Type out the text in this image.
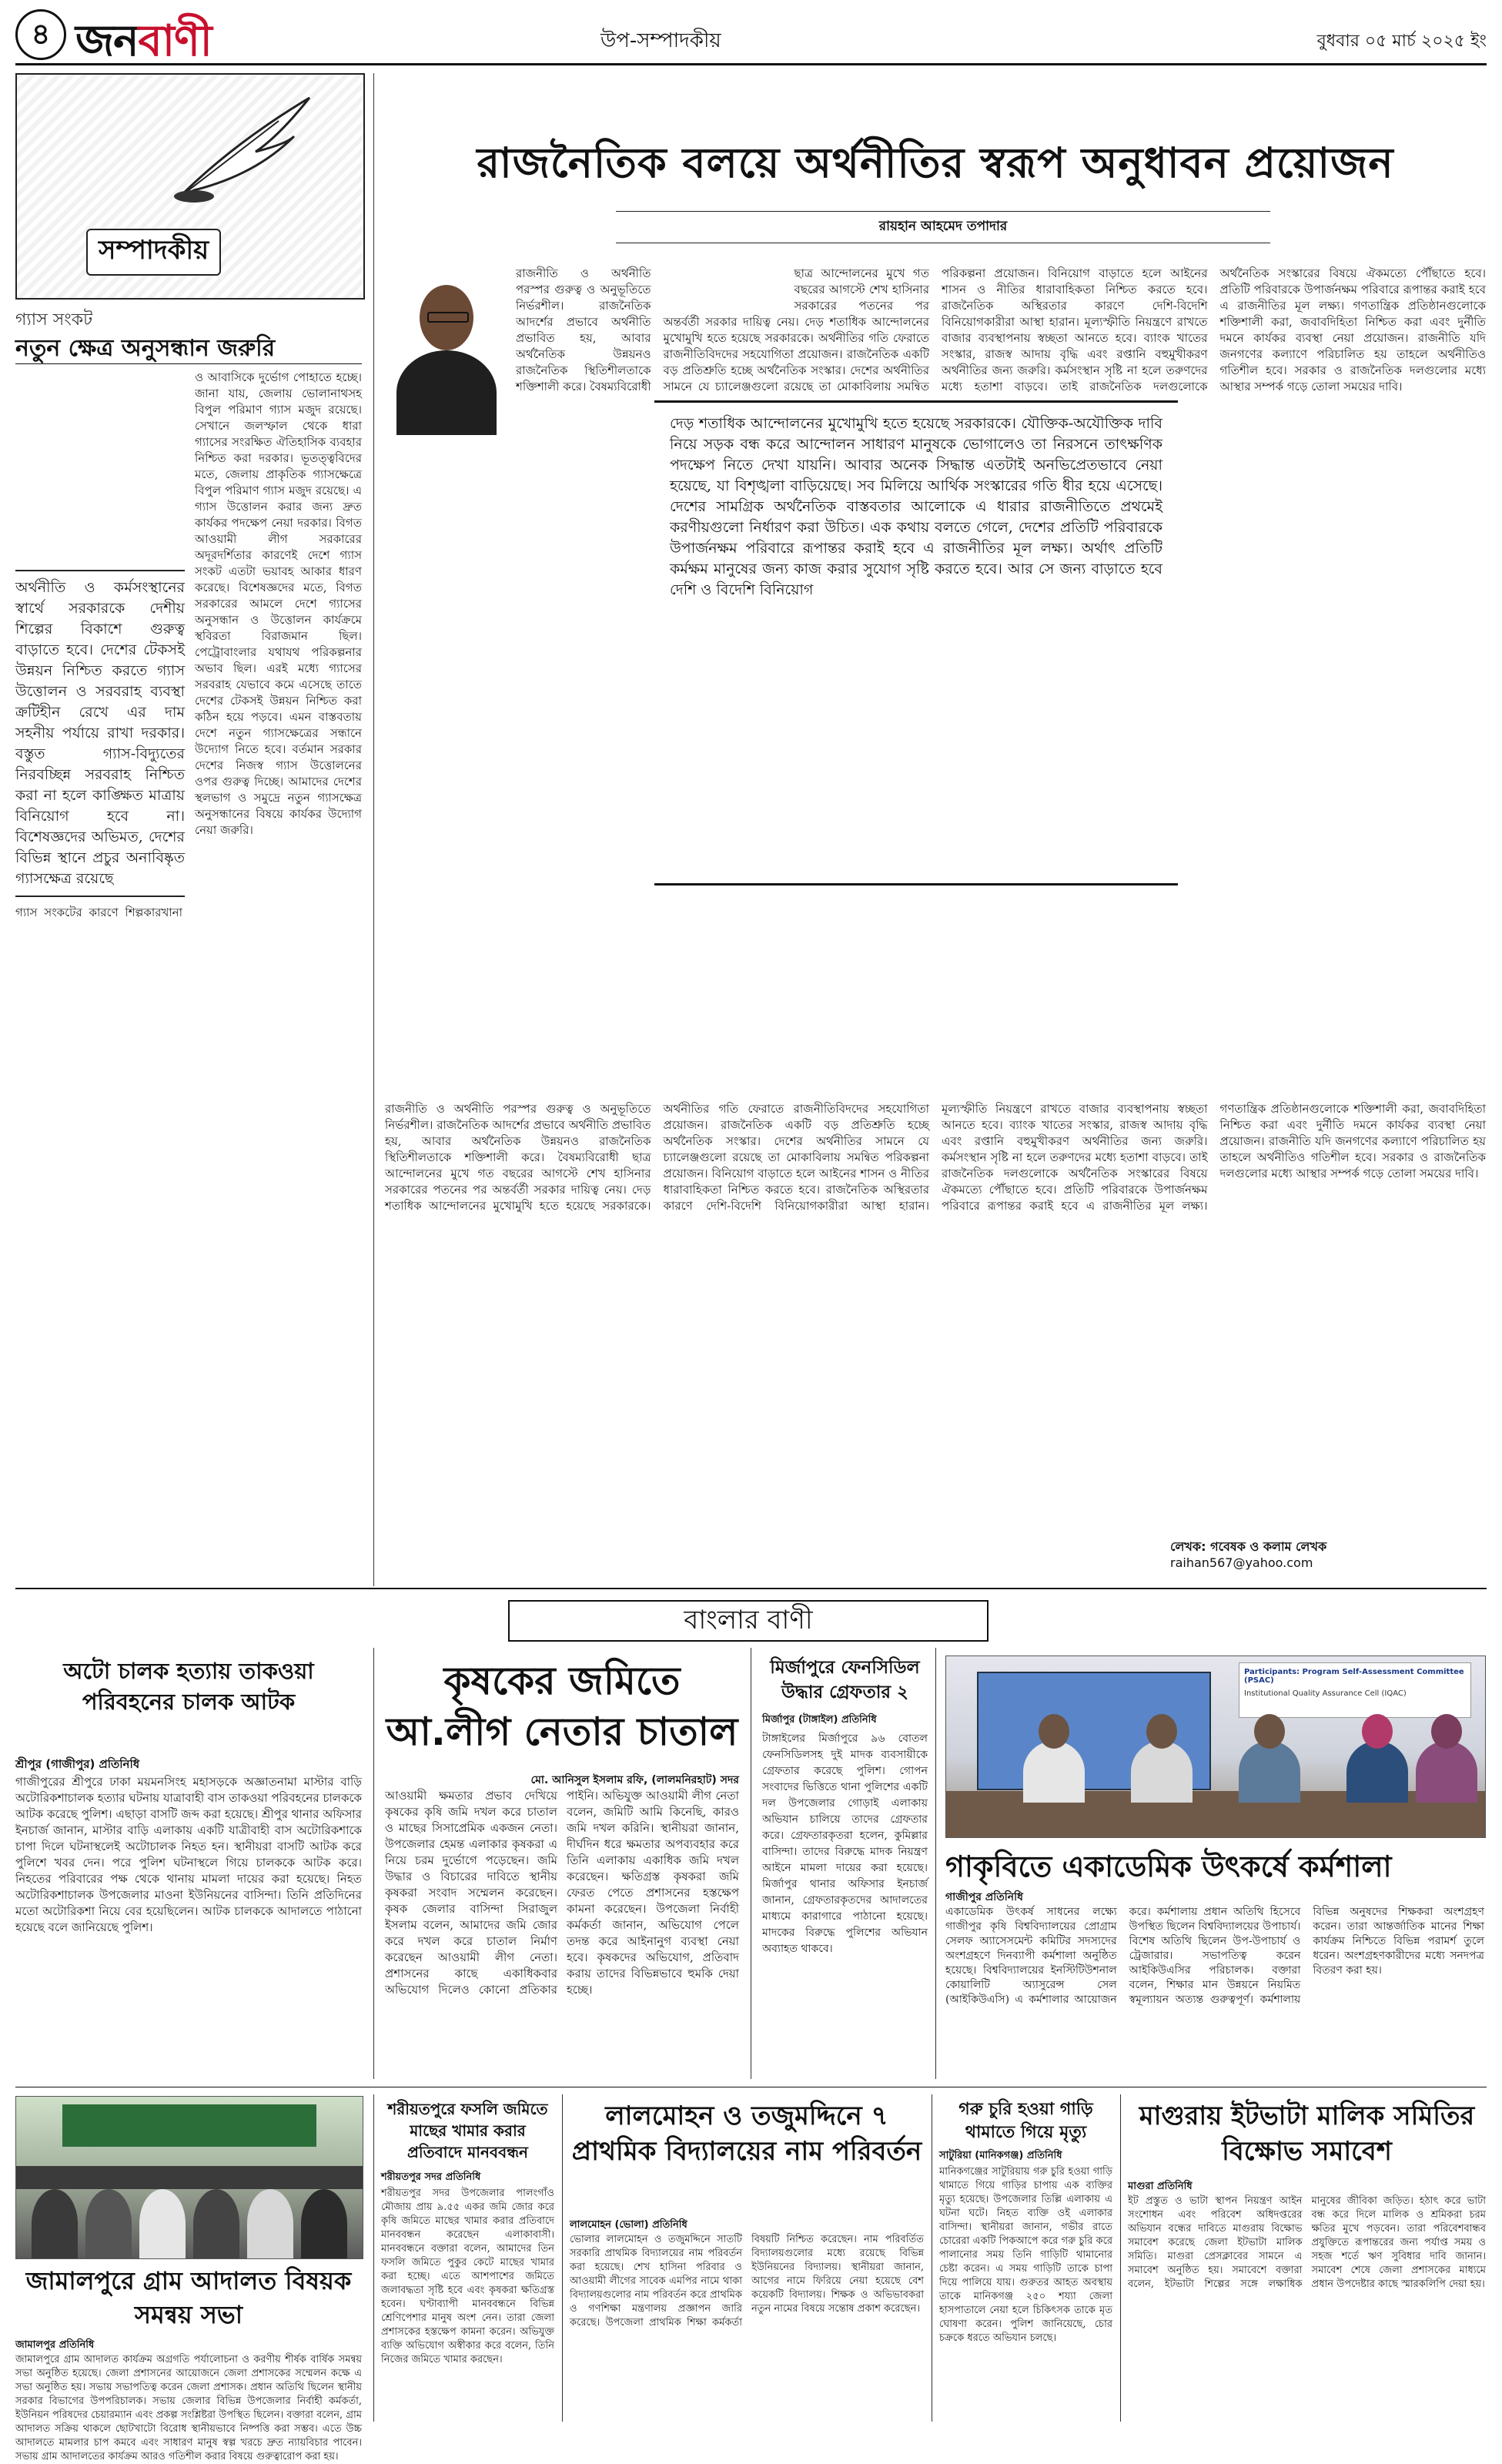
৪ জনবাণী	উপ-সম্পাদকীয়	বুধবার ০৫ মার্চ ২০২৫ ইং
সম্পাদকীয়
গ্যাস সংকট
নতুন ক্ষেত্র অনুসন্ধান জরুরি
অর্থনীতি ও কর্মসংস্থানের স্বার্থে সরকারকে দেশীয় শিল্পের বিকাশে গুরুত্ব বাড়াতে হবে। দেশের টেকসই উন্নয়ন নিশ্চিত করতে গ্যাস উত্তোলন ও সরবরাহ ব্যবস্থা ক্রটিহীন রেখে এর দাম সহনীয় পর্যায়ে রাখা দরকার। বস্তুত গ্যাস-বিদ্যুতের নিরবচ্ছিন্ন সরবরাহ নিশ্চিত করা না হলে কাঙ্ক্ষিত মাত্রায় বিনিয়োগ হবে না। বিশেষজ্ঞদের অভিমত, দেশের বিভিন্ন স্থানে প্রচুর অনাবিষ্কৃত গ্যাসক্ষেত্র রয়েছে
গ্যাস সংকটের কারণে শিল্পকারখানা ও আবাসিকে দুর্ভোগ পোহাতে হচ্ছে। জানা যায়, জেলায় ভোলানাথসহ বিপুল পরিমাণ গ্যাস মজুদ রয়েছে। সেখানে জলস্ফাল থেকে ধারা গ্যাসের সংরক্ষিত ঐতিহাসিক ব্যবহার নিশ্চিত করা দরকার। ভূতত্ত্ববিদের মতে, জেলায় প্রাকৃতিক গ্যাসক্ষেত্রে বিপুল পরিমাণ গ্যাস মজুদ রয়েছে। এ গ্যাস উত্তোলন করার জন্য দ্রুত কার্যকর পদক্ষেপ নেয়া দরকার। বিগত আওয়ামী লীগ সরকারের অদূরদর্শিতার কারণেই দেশে গ্যাস সংকট এতটা ভয়াবহ আকার ধারণ করেছে। বিশেষজ্ঞদের মতে, বিগত সরকারের আমলে দেশে গ্যাসের অনুসন্ধান ও উত্তোলন কার্যক্রমে স্থবিরতা বিরাজমান ছিল। পেট্রোবাংলার যথাযথ পরিকল্পনার অভাব ছিল। এরই মধ্যে গ্যাসের সরবরাহ যেভাবে কমে এসেছে তাতে দেশের টেকসই উন্নয়ন নিশ্চিত করা কঠিন হয়ে পড়বে। এমন বাস্তবতায় দেশে নতুন গ্যাসক্ষেত্রের সন্ধানে উদ্যোগ নিতে হবে। বর্তমান সরকার দেশের নিজস্ব গ্যাস উত্তোলনের ওপর গুরুত্ব দিচ্ছে। আমাদের দেশের স্থলভাগ ও সমুদ্রে নতুন গ্যাসক্ষেত্র অনুসন্ধানের বিষয়ে কার্যকর উদ্যোগ নেয়া জরুরি।
রাজনৈতিক বলয়ে অর্থনীতির স্বরূপ অনুধাবন প্রয়োজন
রায়হান আহমেদ তপাদার
রাজনীতি ও অর্থনীতি পরস্পর গুরুত্ব ও অনুভূতিতে নির্ভরশীল। রাজনৈতিক আদর্শের প্রভাবে অর্থনীতি প্রভাবিত হয়, আবার অর্থনৈতিক উন্নয়নও রাজনৈতিক স্থিতিশীলতাকে শক্তিশালী করে। বৈষম্যবিরোধী ছাত্র আন্দোলনের মুখে গত বছরের আগস্টে শেখ হাসিনার সরকারের পতনের পর অন্তর্বর্তী সরকার দায়িত্ব নেয়। দেড় শতাধিক আন্দোলনের মুখোমুখি হতে হয়েছে সরকারকে। অর্থনীতির গতি ফেরাতে রাজনীতিবিদদের সহযোগিতা প্রয়োজন। রাজনৈতিক একটি বড় প্রতিশ্রুতি হচ্ছে অর্থনৈতিক সংস্কার। দেশের অর্থনীতির সামনে যে চ্যালেঞ্জগুলো রয়েছে তা মোকাবিলায় সমন্বিত পরিকল্পনা প্রয়োজন। বিনিয়োগ বাড়াতে হলে আইনের শাসন ও নীতির ধারাবাহিকতা নিশ্চিত করতে হবে। রাজনৈতিক অস্থিরতার কারণে দেশি-বিদেশি বিনিয়োগকারীরা আস্থা হারান। মূল্যস্ফীতি নিয়ন্ত্রণে রাখতে বাজার ব্যবস্থাপনায় স্বচ্ছতা আনতে হবে। ব্যাংক খাতের সংস্কার, রাজস্ব আদায় বৃদ্ধি এবং রপ্তানি বহুমুখীকরণ অর্থনীতির জন্য জরুরি। কর্মসংস্থান সৃষ্টি না হলে তরুণদের মধ্যে হতাশা বাড়বে। তাই রাজনৈতিক দলগুলোকে অর্থনৈতিক সংস্কারের বিষয়ে ঐকমত্যে পৌঁছাতে হবে। প্রতিটি পরিবারকে উপার্জনক্ষম পরিবারে রূপান্তর করাই হবে এ রাজনীতির মূল লক্ষ্য। গণতান্ত্রিক প্রতিষ্ঠানগুলোকে শক্তিশালী করা, জবাবদিহিতা নিশ্চিত করা এবং দুর্নীতি দমনে কার্যকর ব্যবস্থা নেয়া প্রয়োজন। রাজনীতি যদি জনগণের কল্যাণে পরিচালিত হয় তাহলে অর্থনীতিও গতিশীল হবে। সরকার ও রাজনৈতিক দলগুলোর মধ্যে আস্থার সম্পর্ক গড়ে তোলা সময়ের দাবি।
দেড় শতাধিক আন্দোলনের মুখোমুখি হতে হয়েছে সরকারকে। যৌক্তিক-অযৌক্তিক দাবি নিয়ে সড়ক বন্ধ করে আন্দোলন সাধারণ মানুষকে ভোগালেও তা নিরসনে তাৎক্ষণিক পদক্ষেপ নিতে দেখা যায়নি। আবার অনেক সিদ্ধান্ত এতটাই অনভিপ্রেতভাবে নেয়া হয়েছে, যা বিশৃঙ্খলা বাড়িয়েছে। সব মিলিয়ে আর্থিক সংস্কারের গতি ধীর হয়ে এসেছে। দেশের সামগ্রিক অর্থনৈতিক বাস্তবতার আলোকে এ ধারার রাজনীতিতে প্রথমেই করণীয়গুলো নির্ধারণ করা উচিত। এক কথায় বলতে গেলে, দেশের প্রতিটি পরিবারকে উপার্জনক্ষম পরিবারে রূপান্তর করাই হবে এ রাজনীতির মূল লক্ষ্য। অর্থাৎ প্রতিটি কর্মক্ষম মানুষের জন্য কাজ করার সুযোগ সৃষ্টি করতে হবে। আর সে জন্য বাড়াতে হবে দেশি ও বিদেশি বিনিয়োগ
রাজনীতি ও অর্থনীতি পরস্পর গুরুত্ব ও অনুভূতিতে নির্ভরশীল। রাজনৈতিক আদর্শের প্রভাবে অর্থনীতি প্রভাবিত হয়, আবার অর্থনৈতিক উন্নয়নও রাজনৈতিক স্থিতিশীলতাকে শক্তিশালী করে। বৈষম্যবিরোধী ছাত্র আন্দোলনের মুখে গত বছরের আগস্টে শেখ হাসিনার সরকারের পতনের পর অন্তর্বর্তী সরকার দায়িত্ব নেয়। দেড় শতাধিক আন্দোলনের মুখোমুখি হতে হয়েছে সরকারকে। অর্থনীতির গতি ফেরাতে রাজনীতিবিদদের সহযোগিতা প্রয়োজন। রাজনৈতিক একটি বড় প্রতিশ্রুতি হচ্ছে অর্থনৈতিক সংস্কার। দেশের অর্থনীতির সামনে যে চ্যালেঞ্জগুলো রয়েছে তা মোকাবিলায় সমন্বিত পরিকল্পনা প্রয়োজন। বিনিয়োগ বাড়াতে হলে আইনের শাসন ও নীতির ধারাবাহিকতা নিশ্চিত করতে হবে। রাজনৈতিক অস্থিরতার কারণে দেশি-বিদেশি বিনিয়োগকারীরা আস্থা হারান। মূল্যস্ফীতি নিয়ন্ত্রণে রাখতে বাজার ব্যবস্থাপনায় স্বচ্ছতা আনতে হবে। ব্যাংক খাতের সংস্কার, রাজস্ব আদায় বৃদ্ধি এবং রপ্তানি বহুমুখীকরণ অর্থনীতির জন্য জরুরি। কর্মসংস্থান সৃষ্টি না হলে তরুণদের মধ্যে হতাশা বাড়বে। তাই রাজনৈতিক দলগুলোকে অর্থনৈতিক সংস্কারের বিষয়ে ঐকমত্যে পৌঁছাতে হবে। প্রতিটি পরিবারকে উপার্জনক্ষম পরিবারে রূপান্তর করাই হবে এ রাজনীতির মূল লক্ষ্য। গণতান্ত্রিক প্রতিষ্ঠানগুলোকে শক্তিশালী করা, জবাবদিহিতা নিশ্চিত করা এবং দুর্নীতি দমনে কার্যকর ব্যবস্থা নেয়া প্রয়োজন। রাজনীতি যদি জনগণের কল্যাণে পরিচালিত হয় তাহলে অর্থনীতিও গতিশীল হবে। সরকার ও রাজনৈতিক দলগুলোর মধ্যে আস্থার সম্পর্ক গড়ে তোলা সময়ের দাবি।
লেখক: গবেষক ও কলাম লেখক
raihan567@yahoo.com
বাংলার বাণী
অটো চালক হত্যায় তাকওয়া পরিবহনের চালক আটক
শ্রীপুর (গাজীপুর) প্রতিনিধি
গাজীপুরের শ্রীপুরে ঢাকা ময়মনসিংহ মহাসড়কে অজ্ঞাতনামা মাস্টার বাড়ি অটোরিকশাচালক হত্যার ঘটনায় যাত্রাবাহী বাস তাকওয়া পরিবহনের চালককে আটক করেছে পুলিশ। এছাড়া বাসটি জব্দ করা হয়েছে। শ্রীপুর থানার অফিসার ইনচার্জ জানান, মাস্টার বাড়ি এলাকায় একটি যাত্রীবাহী বাস অটোরিকশাকে চাপা দিলে ঘটনাস্থলেই অটোচালক নিহত হন। স্থানীয়রা বাসটি আটক করে পুলিশে খবর দেন। পরে পুলিশ ঘটনাস্থলে গিয়ে চালককে আটক করে। নিহতের পরিবারের পক্ষ থেকে থানায় মামলা দায়ের করা হয়েছে। নিহত অটোরিকশাচালক উপজেলার মাওনা ইউনিয়নের বাসিন্দা। তিনি প্রতিদিনের মতো অটোরিকশা নিয়ে বের হয়েছিলেন। আটক চালককে আদালতে পাঠানো হয়েছে বলে জানিয়েছে পুলিশ।
কৃষকের জমিতে আ.লীগ নেতার চাতাল
মো. আনিসুল ইসলাম রফি, (লালমনিরহাট) সদর
আওয়ামী ক্ষমতার প্রভাব দেখিয়ে কৃষকের কৃষি জমি দখল করে চাতাল ও মাছের সিসাপ্রেমিক একজন নেতা। উপজেলার হেমন্ত এলাকার কৃষকরা এ নিয়ে চরম দুর্ভোগে পড়েছেন। জমি উদ্ধার ও বিচারের দাবিতে স্থানীয় কৃষকরা সংবাদ সম্মেলন করেছেন। কৃষক জেলার বাসিন্দা সিরাজুল ইসলাম বলেন, আমাদের জমি জোর করে দখল করে চাতাল নির্মাণ করেছেন আওয়ামী লীগ নেতা। প্রশাসনের কাছে একাধিকবার অভিযোগ দিলেও কোনো প্রতিকার পাইনি। অভিযুক্ত আওয়ামী লীগ নেতা বলেন, জমিটি আমি কিনেছি, কারও জমি দখল করিনি। স্থানীয়রা জানান, দীর্ঘদিন ধরে ক্ষমতার অপব্যবহার করে তিনি এলাকায় একাধিক জমি দখল করেছেন। ক্ষতিগ্রস্ত কৃষকরা জমি ফেরত পেতে প্রশাসনের হস্তক্ষেপ কামনা করেছেন। উপজেলা নির্বাহী কর্মকর্তা জানান, অভিযোগ পেলে তদন্ত করে আইনানুগ ব্যবস্থা নেয়া হবে। কৃষকদের অভিযোগ, প্রতিবাদ করায় তাদের বিভিন্নভাবে হুমকি দেয়া হচ্ছে।
মির্জাপুরে ফেনসিডিল উদ্ধার গ্রেফতার ২
মির্জাপুর (টাঙ্গাইল) প্রতিনিধি
টাঙ্গাইলের মির্জাপুরে ৯৬ বোতল ফেনসিডিলসহ দুই মাদক ব্যবসায়ীকে গ্রেফতার করেছে পুলিশ। গোপন সংবাদের ভিত্তিতে থানা পুলিশের একটি দল উপজেলার গোড়াই এলাকায় অভিযান চালিয়ে তাদের গ্রেফতার করে। গ্রেফতারকৃতরা হলেন, কুমিল্লার বাসিন্দা। তাদের বিরুদ্ধে মাদক নিয়ন্ত্রণ আইনে মামলা দায়ের করা হয়েছে। মির্জাপুর থানার অফিসার ইনচার্জ জানান, গ্রেফতারকৃতদের আদালতের মাধ্যমে কারাগারে পাঠানো হয়েছে। মাদকের বিরুদ্ধে পুলিশের অভিযান অব্যাহত থাকবে।
Participants: Program Self-Assessment Committee (PSAC)
Institutional Quality Assurance Cell (IQAC)
গাকৃবিতে একাডেমিক উৎকর্ষে কর্মশালা
গাজীপুর প্রতিনিধি
একাডেমিক উৎকর্ষ সাধনের লক্ষ্যে গাজীপুর কৃষি বিশ্ববিদ্যালয়ের প্রোগ্রাম সেলফ অ্যাসেসমেন্ট কমিটির সদস্যদের অংশগ্রহণে দিনব্যাপী কর্মশালা অনুষ্ঠিত হয়েছে। বিশ্ববিদ্যালয়ের ইনস্টিটিউশনাল কোয়ালিটি অ্যাসুরেন্স সেল (আইকিউএসি) এ কর্মশালার আয়োজন করে। কর্মশালায় প্রধান অতিথি হিসেবে উপস্থিত ছিলেন বিশ্ববিদ্যালয়ের উপাচার্য। বিশেষ অতিথি ছিলেন উপ-উপাচার্য ও ট্রেজারার। সভাপতিত্ব করেন আইকিউএসির পরিচালক। বক্তারা বলেন, শিক্ষার মান উন্নয়নে নিয়মিত স্বমূল্যায়ন অত্যন্ত গুরুত্বপূর্ণ। কর্মশালায় বিভিন্ন অনুষদের শিক্ষকরা অংশগ্রহণ করেন। তারা আন্তর্জাতিক মানের শিক্ষা কার্যক্রম নিশ্চিতে বিভিন্ন পরামর্শ তুলে ধরেন। অংশগ্রহণকারীদের মধ্যে সনদপত্র বিতরণ করা হয়।
জামালপুরে গ্রাম আদালত বিষয়ক সমন্বয় সভা
জামালপুর প্রতিনিধি
জামালপুরে গ্রাম আদালত কার্যক্রম অগ্রগতি পর্যালোচনা ও করণীয় শীর্ষক বার্ষিক সমন্বয় সভা অনুষ্ঠিত হয়েছে। জেলা প্রশাসনের আয়োজনে জেলা প্রশাসকের সম্মেলন কক্ষে এ সভা অনুষ্ঠিত হয়। সভায় সভাপতিত্ব করেন জেলা প্রশাসক। প্রধান অতিথি ছিলেন স্থানীয় সরকার বিভাগের উপপরিচালক। সভায় জেলার বিভিন্ন উপজেলার নির্বাহী কর্মকর্তা, ইউনিয়ন পরিষদের চেয়ারম্যান এবং প্রকল্প সংশ্লিষ্টরা উপস্থিত ছিলেন। বক্তারা বলেন, গ্রাম আদালত সক্রিয় থাকলে ছোটখাটো বিরোধ স্থানীয়ভাবে নিষ্পত্তি করা সম্ভব। এতে উচ্চ আদালতে মামলার চাপ কমবে এবং সাধারণ মানুষ স্বল্প খরচে দ্রুত ন্যায়বিচার পাবেন। সভায় গ্রাম আদালতের কার্যক্রম আরও গতিশীল করার বিষয়ে গুরুত্বারোপ করা হয়।
শরীয়তপুরে ফসলি জমিতে মাছের খামার করার প্রতিবাদে মানববন্ধন
শরীয়তপুর সদর প্রতিনিধি
শরীয়তপুর সদর উপজেলার পালংগাঁও মৌজায় প্রায় ৯.৫৫ একর জমি জোর করে কৃষি জমিতে মাছের খামার করার প্রতিবাদে মানববন্ধন করেছেন এলাকাবাসী। মানববন্ধনে বক্তারা বলেন, আমাদের তিন ফসলি জমিতে পুকুর কেটে মাছের খামার করা হচ্ছে। এতে আশপাশের জমিতে জলাবদ্ধতা সৃষ্টি হবে এবং কৃষকরা ক্ষতিগ্রস্ত হবেন। ঘণ্টাব্যাপী মানববন্ধনে বিভিন্ন শ্রেণিপেশার মানুষ অংশ নেন। তারা জেলা প্রশাসকের হস্তক্ষেপ কামনা করেন। অভিযুক্ত ব্যক্তি অভিযোগ অস্বীকার করে বলেন, তিনি নিজের জমিতে খামার করছেন।
লালমোহন ও তজুমদ্দিনে ৭ প্রাথমিক বিদ্যালয়ের নাম পরিবর্তন
লালমোহন (ভোলা) প্রতিনিধি
ভোলার লালমোহন ও তজুমদ্দিনে সাতটি সরকারি প্রাথমিক বিদ্যালয়ের নাম পরিবর্তন করা হয়েছে। শেখ হাসিনা পরিবার ও আওয়ামী লীগের সাবেক এমপির নামে থাকা বিদ্যালয়গুলোর নাম পরিবর্তন করে প্রাথমিক ও গণশিক্ষা মন্ত্রণালয় প্রজ্ঞাপন জারি করেছে। উপজেলা প্রাথমিক শিক্ষা কর্মকর্তা বিষয়টি নিশ্চিত করেছেন। নাম পরিবর্তিত বিদ্যালয়গুলোর মধ্যে রয়েছে বিভিন্ন ইউনিয়নের বিদ্যালয়। স্থানীয়রা জানান, আগের নামে ফিরিয়ে নেয়া হয়েছে বেশ কয়েকটি বিদ্যালয়। শিক্ষক ও অভিভাবকরা নতুন নামের বিষয়ে সন্তোষ প্রকাশ করেছেন।
গরু চুরি হওয়া গাড়ি থামাতে গিয়ে মৃত্যু
সাটুরিয়া (মানিকগঞ্জ) প্রতিনিধি
মানিকগঞ্জের সাটুরিয়ায় গরু চুরি হওয়া গাড়ি থামাতে গিয়ে গাড়ির চাপায় এক ব্যক্তির মৃত্যু হয়েছে। উপজেলার তিল্লি এলাকায় এ ঘটনা ঘটে। নিহত ব্যক্তি ওই এলাকার বাসিন্দা। স্থানীয়রা জানান, গভীর রাতে চোরেরা একটি পিকআপে করে গরু চুরি করে পালানোর সময় তিনি গাড়িটি থামানোর চেষ্টা করেন। এ সময় গাড়িটি তাকে চাপা দিয়ে পালিয়ে যায়। গুরুতর আহত অবস্থায় তাকে মানিকগঞ্জ ২৫০ শয্যা জেলা হাসপাতালে নেয়া হলে চিকিৎসক তাকে মৃত ঘোষণা করেন। পুলিশ জানিয়েছে, চোর চক্রকে ধরতে অভিযান চলছে।
মাগুরায় ইটভাটা মালিক সমিতির বিক্ষোভ সমাবেশ
মাগুরা প্রতিনিধি
ইট প্রস্তুত ও ভাটা স্থাপন নিয়ন্ত্রণ আইন সংশোধন এবং পরিবেশ অধিদপ্তরের অভিযান বন্ধের দাবিতে মাগুরায় বিক্ষোভ সমাবেশ করেছে জেলা ইটভাটা মালিক সমিতি। মাগুরা প্রেসক্লাবের সামনে এ সমাবেশ অনুষ্ঠিত হয়। সমাবেশে বক্তারা বলেন, ইটভাটা শিল্পের সঙ্গে লক্ষাধিক মানুষের জীবিকা জড়িত। হঠাৎ করে ভাটা বন্ধ করে দিলে মালিক ও শ্রমিকরা চরম ক্ষতির মুখে পড়বেন। তারা পরিবেশবান্ধব প্রযুক্তিতে রূপান্তরের জন্য পর্যাপ্ত সময় ও সহজ শর্তে ঋণ সুবিধার দাবি জানান। সমাবেশ শেষে জেলা প্রশাসকের মাধ্যমে প্রধান উপদেষ্টার কাছে স্মারকলিপি দেয়া হয়।
